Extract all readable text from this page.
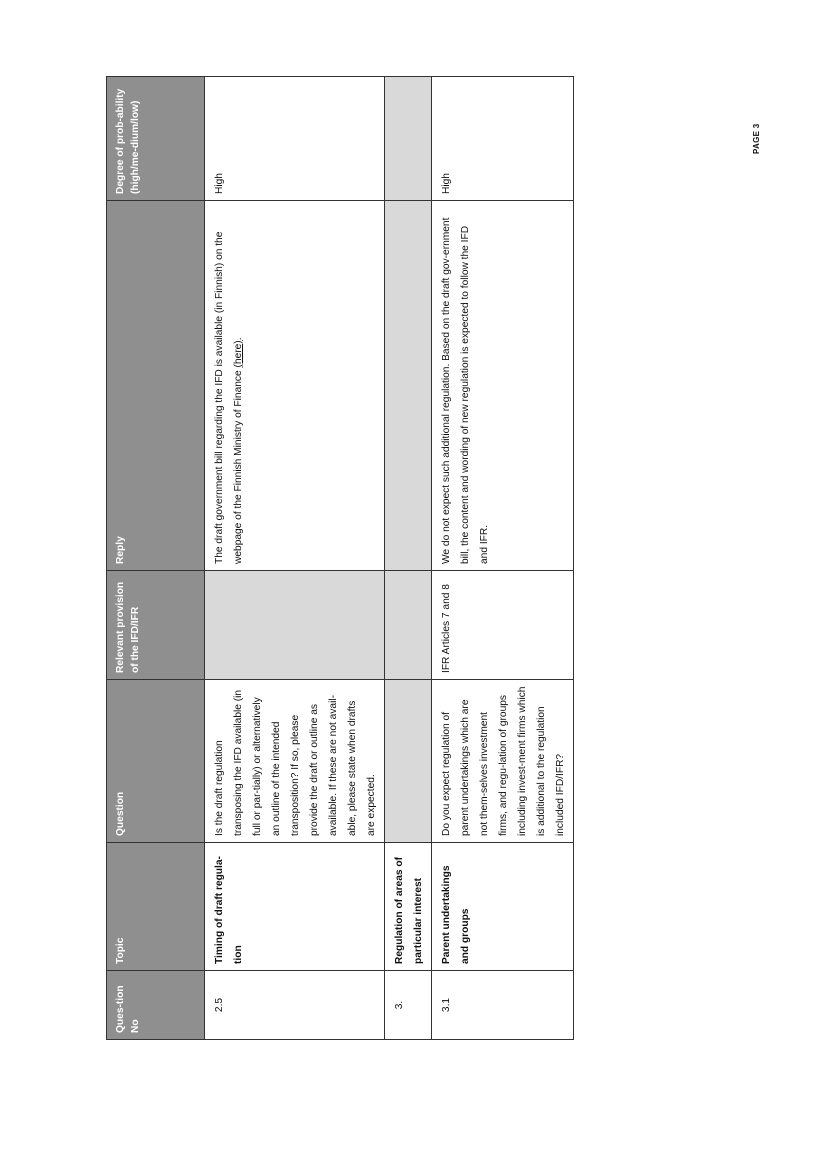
Ques-tion No	Topic	Question	Relevant provision of the IFD/IFR	Reply	Degree of prob-ability (high/me-dium/low)
2.5	Timing of draft regula-tion	Is the draft regulation transposing the IFD available (in full or par-tially) or alternatively an outline of the intended transposition? If so, please provide the draft or outline as available. If these are not avail-able, please state when drafts are expected.		The draft government bill regarding the IFD is available (in Finnish) on the webpage of the Finnish Ministry of Finance (here).	High
3.	Regulation of areas of particular interest				
3.1	Parent undertakings and groups	Do you expect regulation of parent undertakings which are not them-selves investment firms, and regu-lation of groups including invest-ment firms which is additional to the regulation included IFD/IFR?	IFR Articles 7 and 8	We do not expect such additional regulation. Based on the draft gov-ernment bill, the content and wording of new regulation is expected to follow the IFD and IFR.	High
PAGE 3
